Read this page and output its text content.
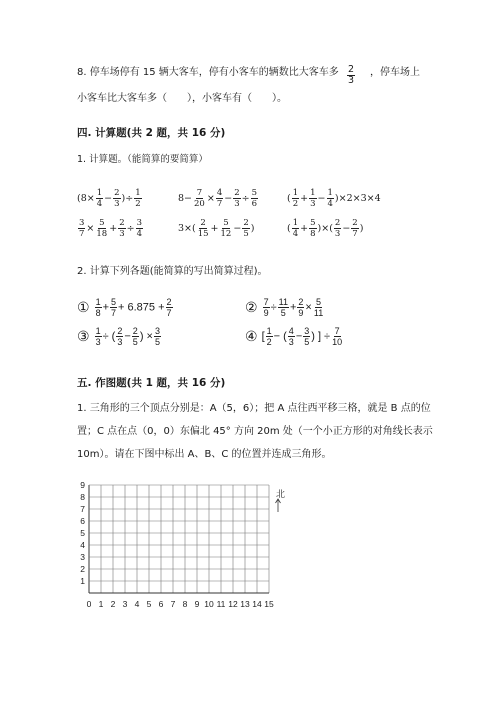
8. 停车场停有 15 辆大客车，停有小客车的辆数比大客车多 $\frac{2}{3}$ ，停车场上
小客车比大客车多（　　），小客车有（　　）。
四. 计算题(共 2 题，共 16 分)
1. 计算题。（能简算的要简算）
($8\times \frac{1}{4} - \frac{2}{3}$ )÷ $\frac{1}{2}$	$8- \frac{7}{20} \times \frac{4}{7} - \frac{2}{3} \div \frac{5}{6}$	( $\frac{1}{2} + \frac{1}{3} - \frac{1}{4} )\times 2\times 3\times 4$
$\frac{3}{7} \times \frac{5}{18} + \frac{2}{3} \div \frac{3}{4}$	$3\times( \frac{2}{15} + \frac{5}{12} - \frac{2}{5}$ )	( $\frac{1}{4} + \frac{5}{8}$ )×( $\frac{2}{3} - \frac{2}{7}$ )
2. 计算下列各题(能简算的写出简算过程)。
① $\frac{1}{8} + \frac{5}{7} + 6.875 + \frac{2}{7}$	② $\frac{7}{9} \div \frac{11}{5} + \frac{2}{9} \times \frac{5}{11}$
③ $\frac{1}{3}$ ÷ ( $\frac{2}{3} - \frac{2}{5}$ ) × $\frac{3}{5}$	④ [ $\frac{1}{2}$ − ( $\frac{4}{3} - \frac{3}{5}$ ) ] ÷ $\frac{7}{10}$
五. 作图题(共 1 题，共 16 分)
1. 三角形的三个顶点分别是：A（5，6）；把 A 点往西平移三格，就是 B 点的位
置；C 点在点（0，0）东偏北 45° 方向 20m 处（一个小正方形的对角线长表示
10m）。请在下图中标出 A、B、C 的位置并连成三角形。
0 1 2 3 4 5 6 7 8 9 10 11 12 13 14 15
1
2
3
4
5
6
7
8
9
北
